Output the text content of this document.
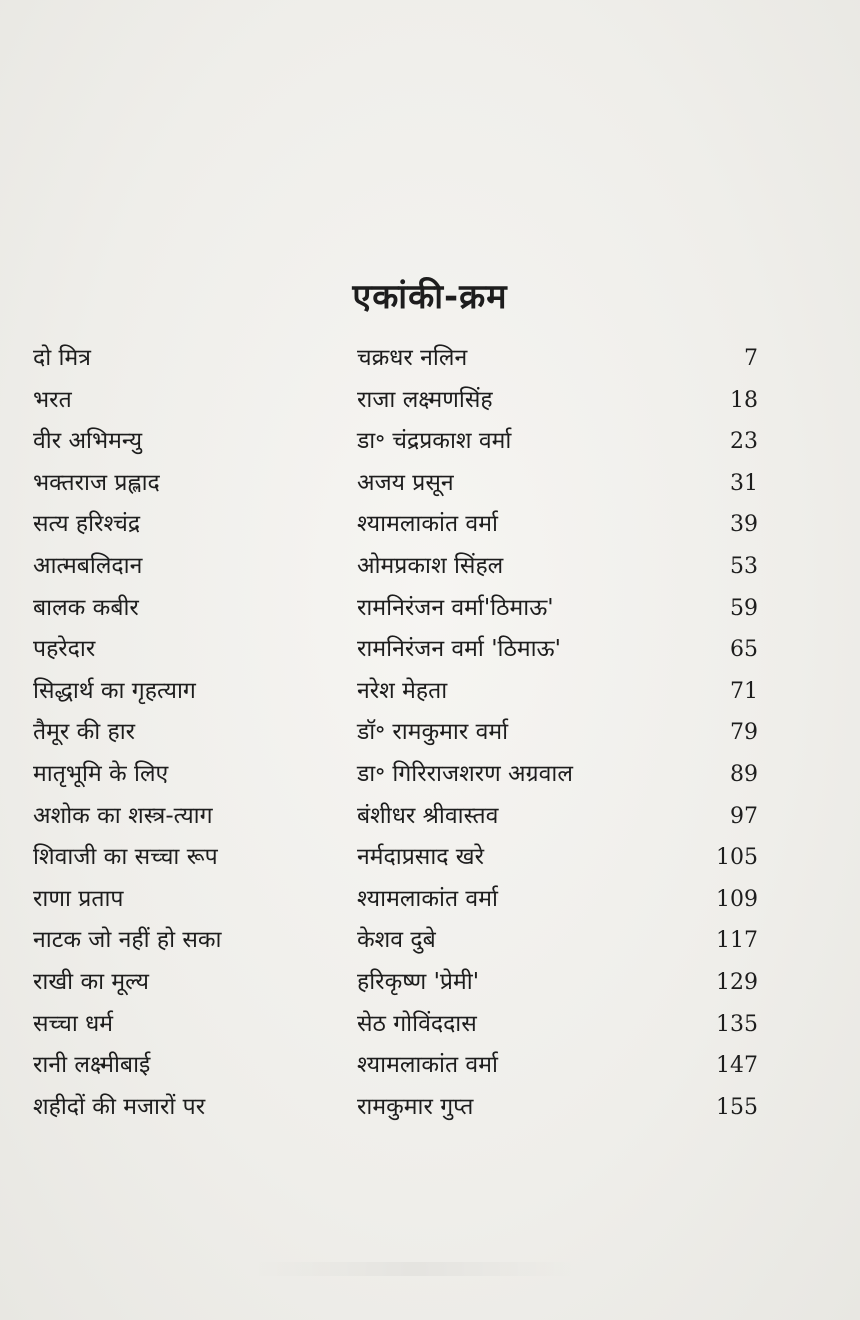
एकांकी-क्रम
दो मित्र	चक्रधर नलिन	7
भरत	राजा लक्ष्मणसिंह	18
वीर अभिमन्यु	डा॰ चंद्रप्रकाश वर्मा	23
भक्तराज प्रह्लाद	अजय प्रसून	31
सत्य हरिश्चंद्र	श्यामलाकांत वर्मा	39
आत्मबलिदान	ओमप्रकाश सिंहल	53
बालक कबीर	रामनिरंजन वर्मा'ठिमाऊ'	59
पहरेदार	रामनिरंजन वर्मा 'ठिमाऊ'	65
सिद्धार्थ का गृहत्याग	नरेश मेहता	71
तैमूर की हार	डॉ॰ रामकुमार वर्मा	79
मातृभूमि के लिए	डा॰ गिरिराजशरण अग्रवाल	89
अशोक का शस्त्र-त्याग	बंशीधर श्रीवास्तव	97
शिवाजी का सच्चा रूप	नर्मदाप्रसाद खरे	105
राणा प्रताप	श्यामलाकांत वर्मा	109
नाटक जो नहीं हो सका	केशव दुबे	117
राखी का मूल्य	हरिकृष्ण 'प्रेमी'	129
सच्चा धर्म	सेठ गोविंददास	135
रानी लक्ष्मीबाई	श्यामलाकांत वर्मा	147
शहीदों की मजारों पर	रामकुमार गुप्त	155
